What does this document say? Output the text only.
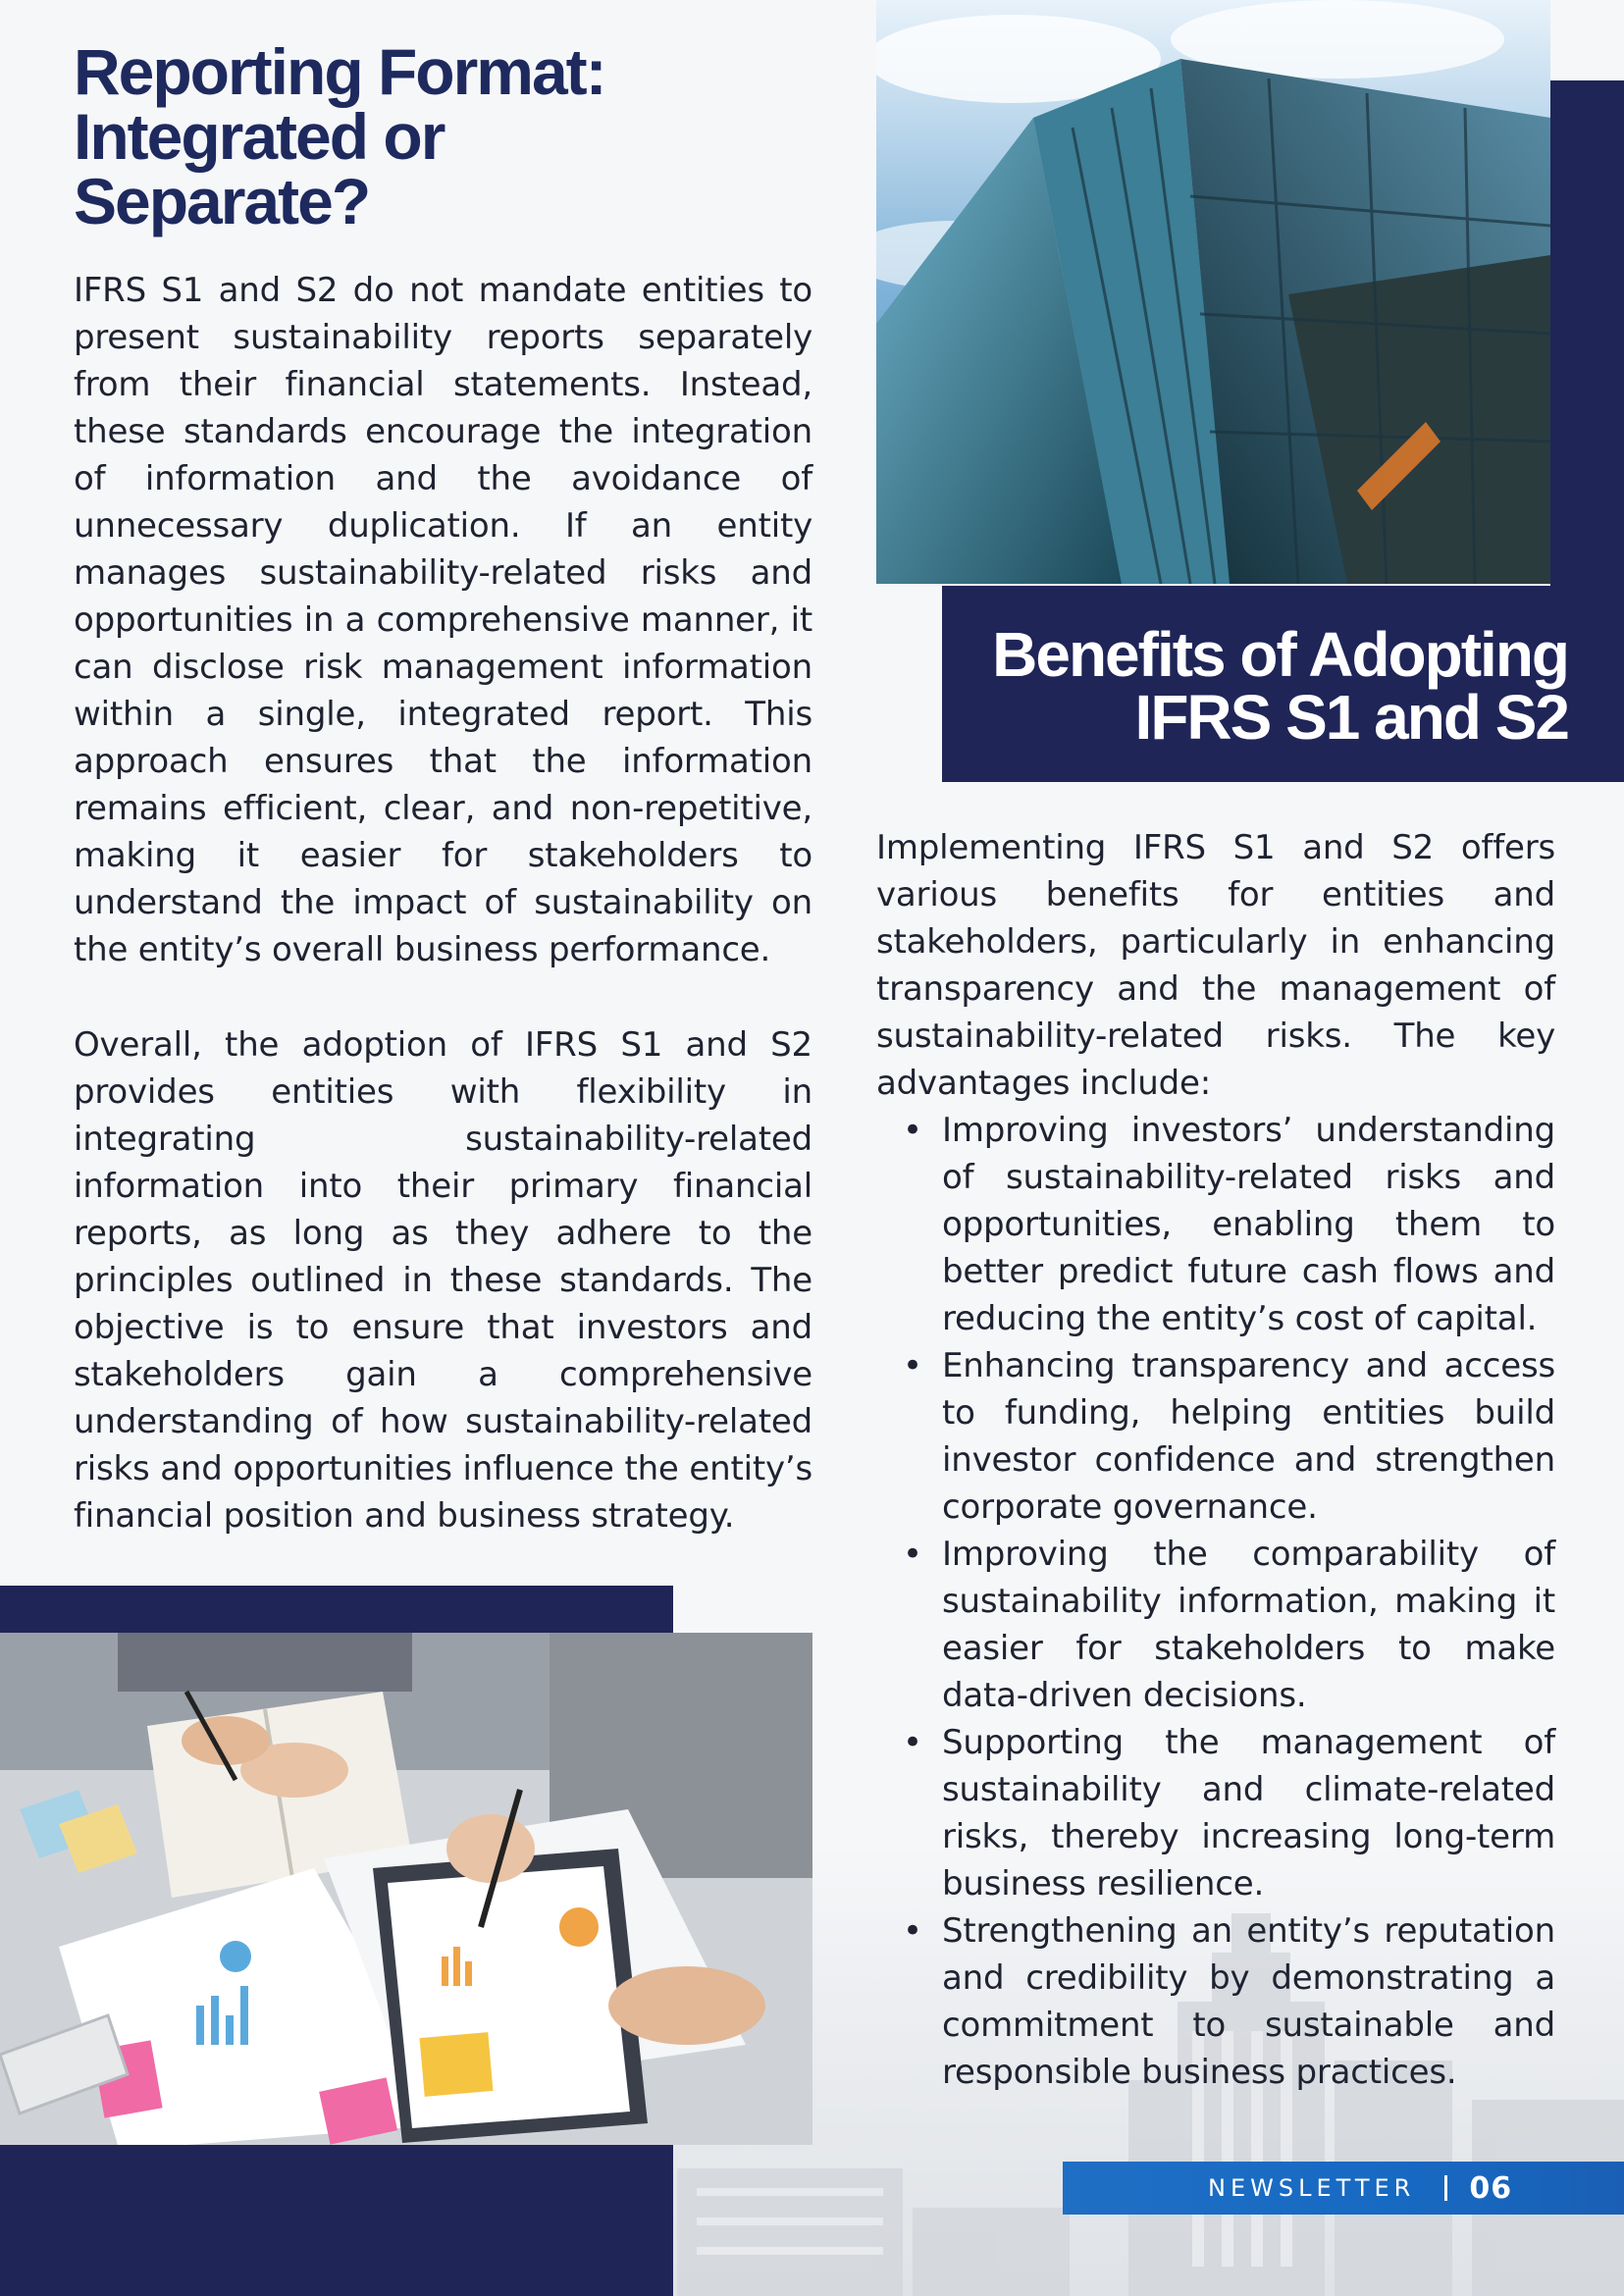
Reporting Format:
Integrated or
Separate?

IFRS S1 and S2 do not mandate entities to present sustainability reports separately from their financial statements. Instead, these standards encourage the integration of information and the avoidance of unnecessary duplication. If an entity manages sustainability-related risks and opportunities in a comprehensive manner, it can disclose risk management information within a single, integrated report. This approach ensures that the information remains efficient, clear, and non-repetitive, making it easier for stakeholders to understand the impact of sustainability on the entity’s overall business performance.

Overall, the adoption of IFRS S1 and S2 provides entities with flexibility in integrating sustainability-related information into their primary financial reports, as long as they adhere to the principles outlined in these standards. The objective is to ensure that investors and stakeholders gain a comprehensive understanding of how sustainability-related risks and opportunities influence the entity’s financial position and business strategy.

Benefits of Adopting
IFRS S1 and S2

Implementing IFRS S1 and S2 offers various benefits for entities and stakeholders, particularly in enhancing transparency and the management of sustainability-related risks. The key advantages include:

• Improving investors’ understanding of sustainability-related risks and opportunities, enabling them to better predict future cash flows and reducing the entity’s cost of capital.
• Enhancing transparency and access to funding, helping entities build investor confidence and strengthen corporate governance.
• Improving the comparability of sustainability information, making it easier for stakeholders to make data-driven decisions.
• Supporting the management of sustainability and climate-related risks, thereby increasing long-term business resilience.
• Strengthening an entity’s reputation and credibility by demonstrating a commitment to sustainable and responsible business practices.
NEWSLETTER 06
